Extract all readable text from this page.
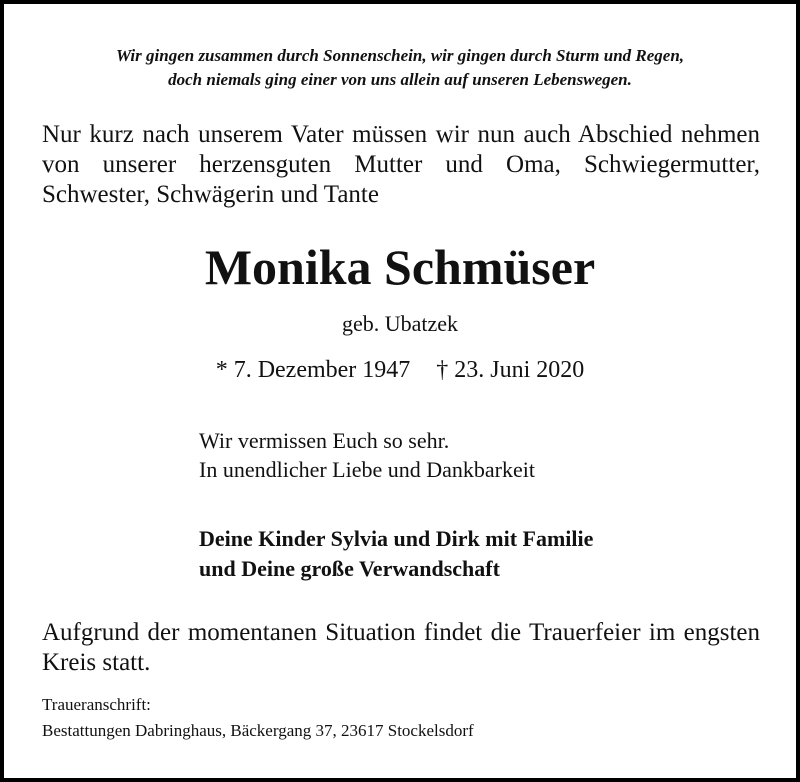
Wir gingen zusammen durch Sonnenschein, wir gingen durch Sturm und Regen,
doch niemals ging einer von uns allein auf unseren Lebenswegen.
Nur kurz nach unserem Vater müssen wir nun auch Abschied nehmen von unserer herzensguten Mutter und Oma, Schwiegermutter, Schwester, Schwägerin und Tante
Monika Schmüser
geb. Ubatzek
* 7. Dezember 1947 † 23. Juni 2020
Wir vermissen Euch so sehr.
In unendlicher Liebe und Dankbarkeit
Deine Kinder Sylvia und Dirk mit Familie
und Deine große Verwandschaft
Aufgrund der momentanen Situation findet die Trauerfeier im engsten Kreis statt.
Traueranschrift:
Bestattungen Dabringhaus, Bäckergang 37, 23617 Stockelsdorf
